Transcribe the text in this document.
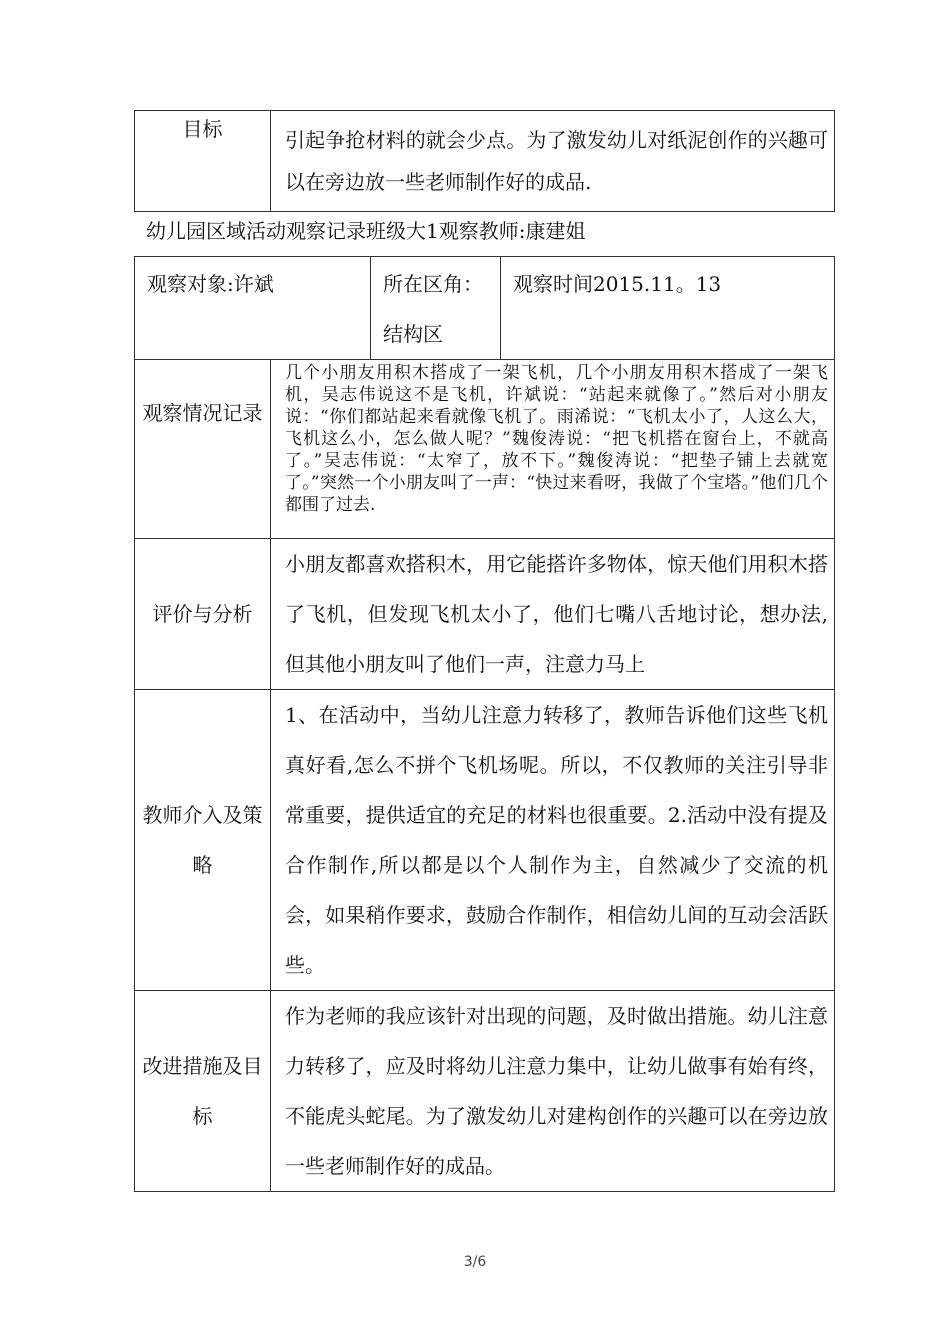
目标	引起争抢材料的就会少点。为了激发幼儿对纸泥创作的兴趣可以在旁边放一些老师制作好的成品.
幼儿园区域活动观察记录班级大1观察教师:康建姐
观察对象:许斌		所在区角：结构区	观察时间2015.11。13
观察情况记录	几个小朋友用积木搭成了一架飞机，几个小朋友用积木搭成了一架飞机，吴志伟说这不是飞机，许斌说：“站起来就像了。”然后对小朋友说：“你们都站起来看就像飞机了。雨浠说：“飞机太小了，人这么大，飞机这么小，怎么做人呢？”魏俊涛说：“把飞机搭在窗台上，不就高了。”吴志伟说：“太窄了，放不下。”魏俊涛说：“把垫子铺上去就宽了。”突然一个小朋友叫了一声：“快过来看呀，我做了个宝塔。”他们几个都围了过去.		

评价与分析	小朋友都喜欢搭积木，用它能搭许多物体，惊天他们用积木搭了飞机，但发现飞机太小了，他们七嘴八舌地讨论，想办法,但其他小朋友叫了他们一声，注意力马上		

教师介入及策略	1、在活动中，当幼儿注意力转移了，教师告诉他们这些飞机真好看,怎么不拼个飞机场呢。所以，不仅教师的关注引导非常重要，提供适宜的充足的材料也很重要。2.活动中没有提及合作制作,所以都是以个人制作为主，自然减少了交流的机会，如果稍作要求，鼓励合作制作，相信幼儿间的互动会活跃些。		

改进措施及目标	作为老师的我应该针对出现的问题，及时做出措施。幼儿注意力转移了，应及时将幼儿注意力集中，让幼儿做事有始有终，不能虎头蛇尾。为了激发幼儿对建构创作的兴趣可以在旁边放一些老师制作好的成品。		
3/6
